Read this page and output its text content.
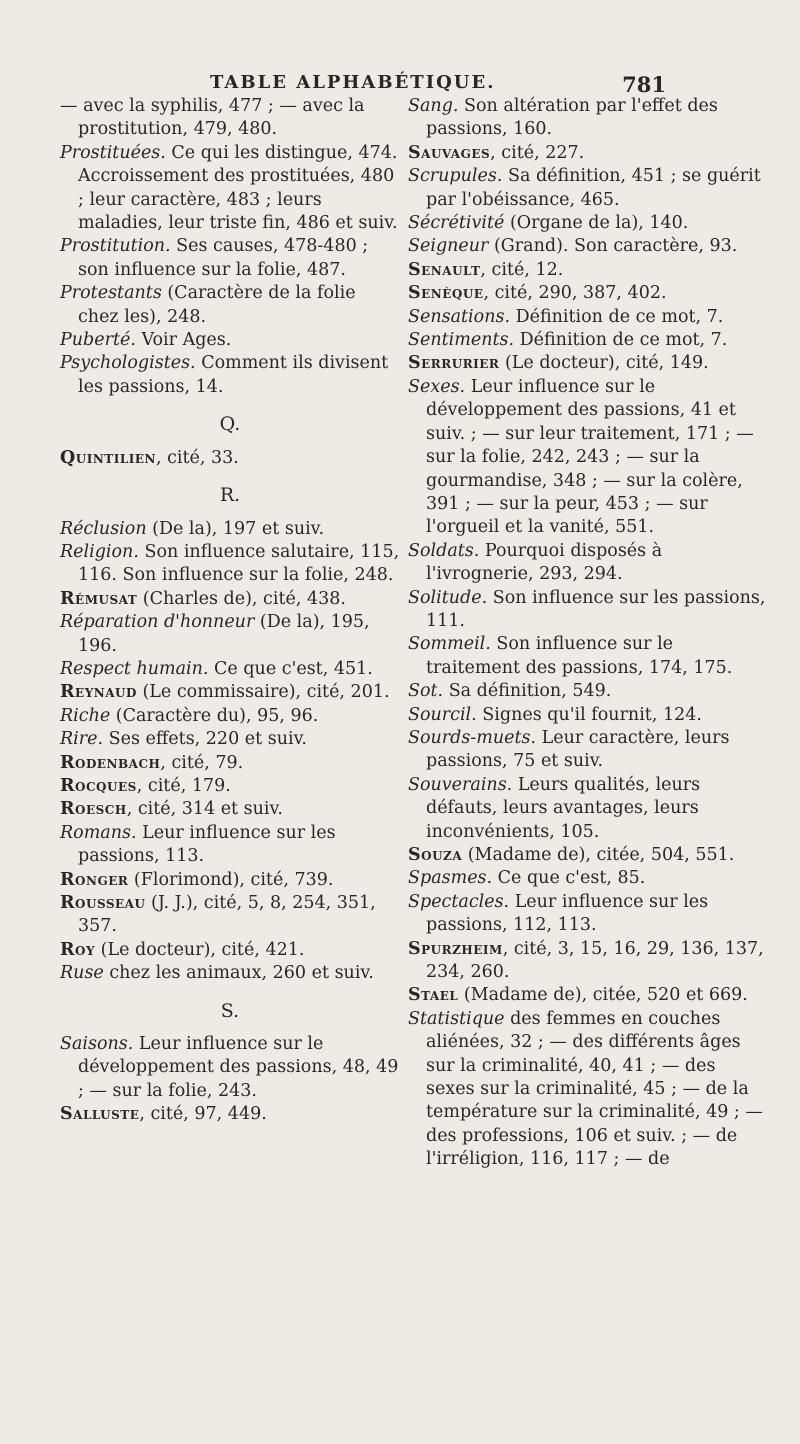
TABLE ALPHABÉTIQUE.	781

— avec la syphilis, 477 ; — avec la prostitution, 479, 480.

Prostituées. Ce qui les distingue, 474. Accroissement des prostituées, 480 ; leur caractère, 483 ; leurs maladies, leur triste fin, 486 et suiv.

Prostitution. Ses causes, 478-480 ; son influence sur la folie, 487.

Protestants (Caractère de la folie chez les), 248.

Puberté. Voir Ages.

Psychologistes. Comment ils divisent les passions, 14.

Q.

Quintilien, cité, 33.

R.

Réclusion (De la), 197 et suiv.

Religion. Son influence salutaire, 115, 116. Son influence sur la folie, 248.

Rémusat (Charles de), cité, 438.

Réparation d'honneur (De la), 195, 196.

Respect humain. Ce que c'est, 451.

Reynaud (Le commissaire), cité, 201.

Riche (Caractère du), 95, 96.

Rire. Ses effets, 220 et suiv.

Rodenbach, cité, 79.

Rocques, cité, 179.

Roesch, cité, 314 et suiv.

Romans. Leur influence sur les passions, 113.

Ronger (Florimond), cité, 739.

Rousseau (J. J.), cité, 5, 8, 254, 351, 357.

Roy (Le docteur), cité, 421.

Ruse chez les animaux, 260 et suiv.

S.

Saisons. Leur influence sur le développement des passions, 48, 49 ; — sur la folie, 243.

Salluste, cité, 97, 449.

Sang. Son altération par l'effet des passions, 160.

Sauvages, cité, 227.

Scrupules. Sa définition, 451 ; se guérit par l'obéissance, 465.

Sécrétivité (Organe de la), 140.

Seigneur (Grand). Son caractère, 93.

Senault, cité, 12.

Senèque, cité, 290, 387, 402.

Sensations. Définition de ce mot, 7.

Sentiments. Définition de ce mot, 7.

Serrurier (Le docteur), cité, 149.

Sexes. Leur influence sur le développement des passions, 41 et suiv. ; — sur leur traitement, 171 ; — sur la folie, 242, 243 ; — sur la gourmandise, 348 ; — sur la colère, 391 ; — sur la peur, 453 ; — sur l'orgueil et la vanité, 551.

Soldats. Pourquoi disposés à l'ivrognerie, 293, 294.

Solitude. Son influence sur les passions, 111.

Sommeil. Son influence sur le traitement des passions, 174, 175.

Sot. Sa définition, 549.

Sourcil. Signes qu'il fournit, 124.

Sourds-muets. Leur caractère, leurs passions, 75 et suiv.

Souverains. Leurs qualités, leurs défauts, leurs avantages, leurs inconvénients, 105.

Souza (Madame de), citée, 504, 551.

Spasmes. Ce que c'est, 85.

Spectacles. Leur influence sur les passions, 112, 113.

Spurzheim, cité, 3, 15, 16, 29, 136, 137, 234, 260.

Stael (Madame de), citée, 520 et 669.

Statistique des femmes en couches aliénées, 32 ; — des différents âges sur la criminalité, 40, 41 ; — des sexes sur la criminalité, 45 ; — de la température sur la criminalité, 49 ; — des professions, 106 et suiv. ; — de l'irréligion, 116, 117 ; — de
